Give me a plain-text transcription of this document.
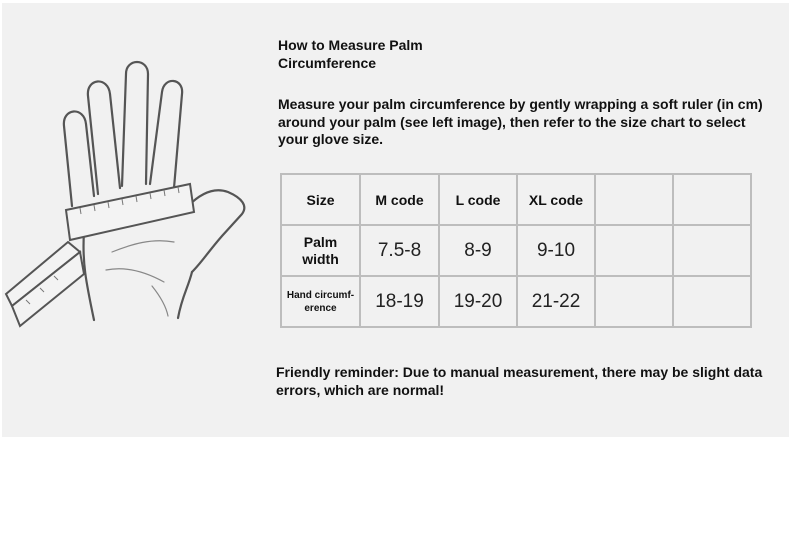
How to Measure Palm
Circumference
Measure your palm circumference by gently wrapping a soft ruler (in cm) around your palm (see left image), then refer to the size chart to select your glove size.
Size	M code	L code	XL code		
Palm
width	7.5-8	8-9	9-10		
Hand circumf-
erence	18-19	19-20	21-22		
Friendly reminder: Due to manual measurement, there may be slight data errors, which are normal!
